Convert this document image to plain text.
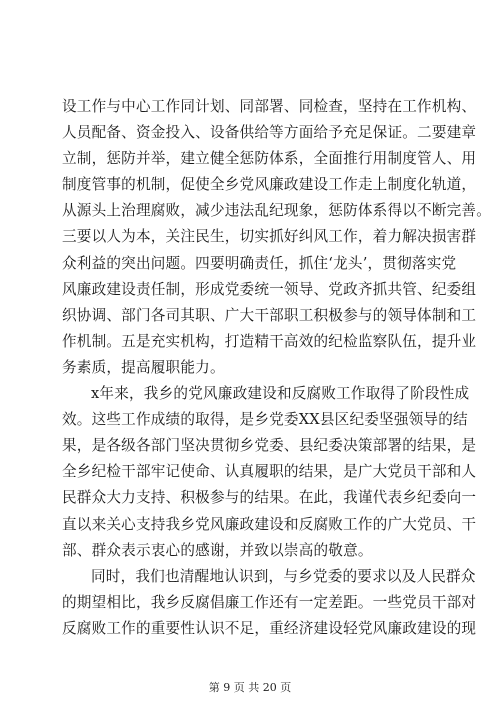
设工作与中心工作同计划、同部署、同检查，坚持在工作机构、
人员配备、资金投入、设备供给等方面给予充足保证。二要建章
立制，惩防并举，建立健全惩防体系，全面推行用制度管人、用
制度管事的机制，促使全乡党风廉政建设工作走上制度化轨道，
从源头上治理腐败，减少违法乱纪现象，惩防体系得以不断完善。
三要以人为本，关注民生，切实抓好纠风工作，着力解决损害群
众利益的突出问题。四要明确责任，抓住‘龙头’，贯彻落实党
风廉政建设责任制，形成党委统一领导、党政齐抓共管、纪委组
织协调、部门各司其职、广大干部职工积极参与的领导体制和工
作机制。五是充实机构，打造精干高效的纪检监察队伍，提升业
务素质，提高履职能力。

x年来，我乡的党风廉政建设和反腐败工作取得了阶段性成
效。这些工作成绩的取得，是乡党委XX县区纪委坚强领导的结
果，是各级各部门坚决贯彻乡党委、县纪委决策部署的结果，是
全乡纪检干部牢记使命、认真履职的结果，是广大党员干部和人
民群众大力支持、积极参与的结果。在此，我谨代表乡纪委向一
直以来关心支持我乡党风廉政建设和反腐败工作的广大党员、干
部、群众表示衷心的感谢，并致以崇高的敬意。

同时，我们也清醒地认识到，与乡党委的要求以及人民群众
的期望相比，我乡反腐倡廉工作还有一定差距。一些党员干部对
反腐败工作的重要性认识不足，重经济建设轻党风廉政建设的现

第 9 页 共 20 页
